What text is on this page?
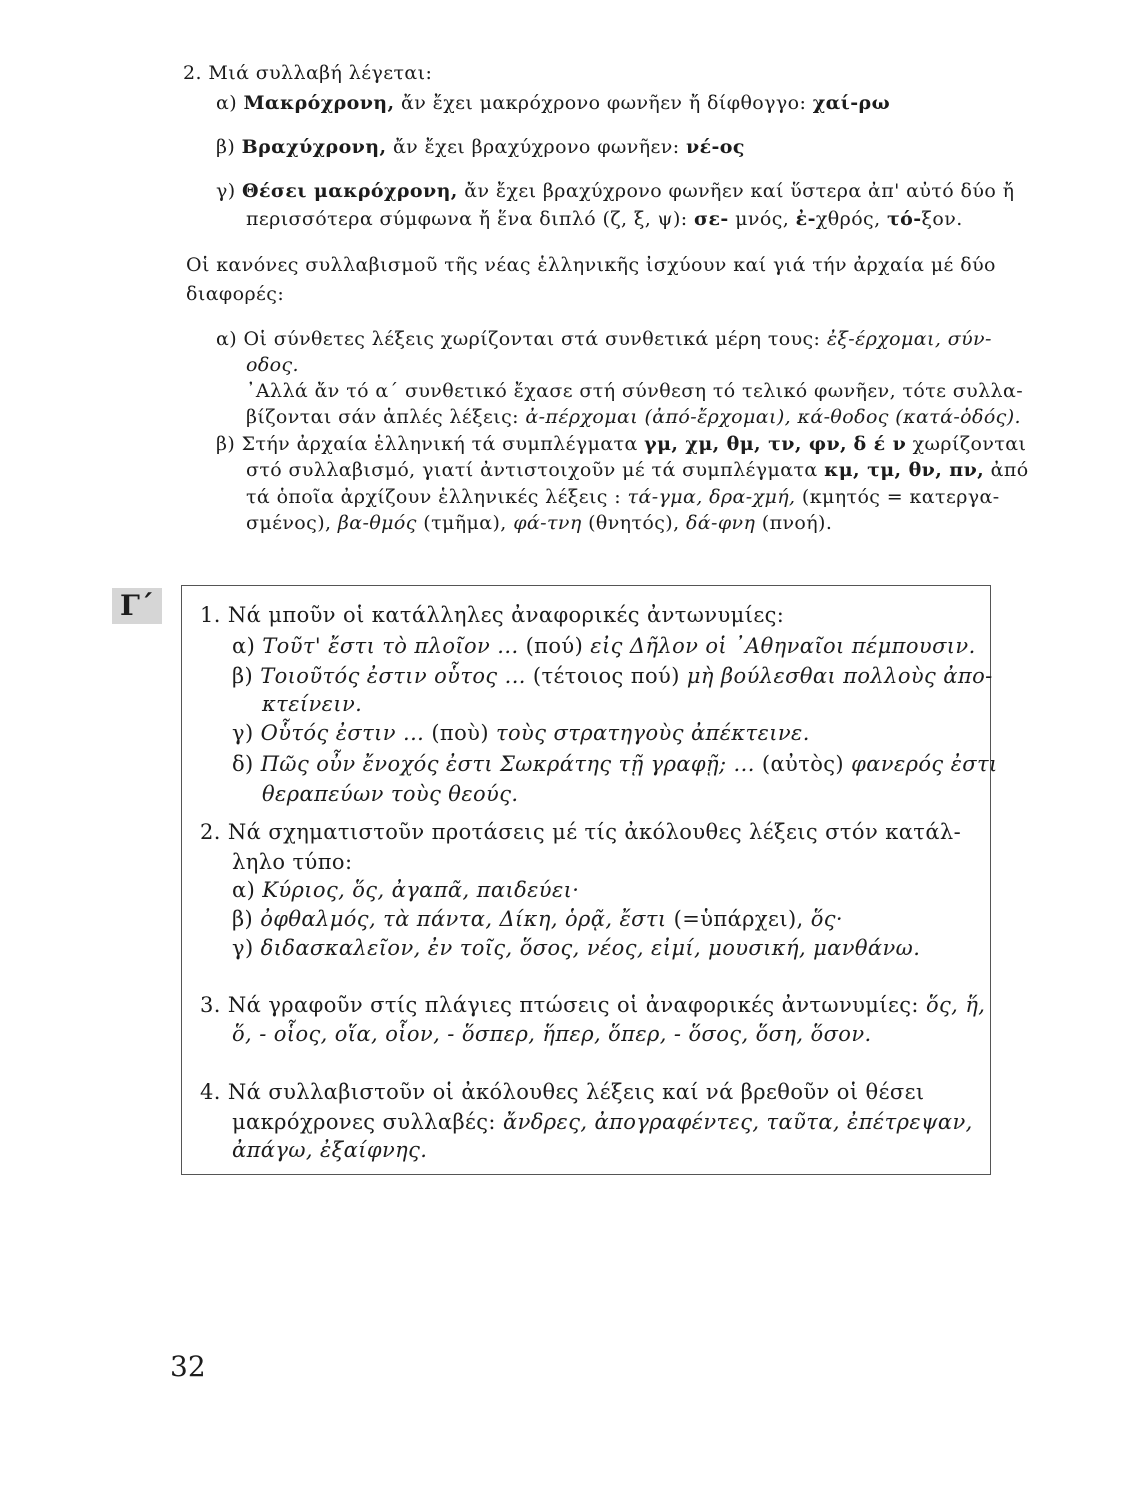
2. Μιά συλλαβή λέγεται:
α) Μακρόχρονη, ἄν ἔχει μακρόχρονο φωνῆεν ἤ δίφθογγο: χαί-ρω
β) Βραχύχρονη, ἄν ἔχει βραχύχρονο φωνῆεν: νέ-ος
γ) Θέσει μακρόχρονη, ἄν ἔχει βραχύχρονο φωνῆεν καί ὕστερα ἀπ' αὐτό δύο ἤ
περισσότερα σύμφωνα ἤ ἕνα διπλό (ζ, ξ, ψ): σε- μνός, ἐ-χθρός, τό-ξον.
Οἱ κανόνες συλλαβισμοῦ τῆς νέας ἑλληνικῆς ἰσχύουν καί γιά τήν ἀρχαία μέ δύο
διαφορές:
α) Οἱ σύνθετες λέξεις χωρίζονται στά συνθετικά μέρη τους: ἐξ-έρχομαι, σύν-
οδος.
᾿Αλλά ἄν τό α΄ συνθετικό ἔχασε στή σύνθεση τό τελικό φωνῆεν, τότε συλλα-
βίζονται σάν ἁπλές λέξεις: ἀ-πέρχομαι (ἀπό-ἔρχομαι), κά-θοδος (κατά-ὁδός).
β) Στήν ἀρχαία ἑλληνική τά συμπλέγματα γμ, χμ, θμ, τν, φν, δ έ ν χωρίζονται
στό συλλαβισμό, γιατί ἀντιστοιχοῦν μέ τά συμπλέγματα κμ, τμ, θν, πν, ἀπό
τά ὁποῖα ἀρχίζουν ἑλληνικές λέξεις : τά-γμα, δρα-χμή, (κμητός = κατεργα-
σμένος), βα-θμός (τμῆμα), φά-τνη (θνητός), δά-φνη (πνοή).
Γ΄	1. Νά μποῦν οἱ κατάλληλες ἀναφορικές ἀντωνυμίες:
α) Τοῦτ' ἔστι τὸ πλοῖον ... (πού) εἰς Δῆλον οἱ ᾿Αθηναῖοι πέμπουσιν.
β) Τοιοῦτός ἐστιν οὗτος ... (τέτοιος πού) μὴ βούλεσθαι πολλοὺς ἀπο-
κτείνειν.
γ) Οὗτός ἐστιν ... (ποὺ) τοὺς στρατηγοὺς ἀπέκτεινε.
δ) Πῶς οὖν ἔνοχός ἐστι Σωκράτης τῇ γραφῇ; ... (αὐτὸς) φανερός ἐστι
θεραπεύων τοὺς θεούς.
2. Νά σχηματιστοῦν προτάσεις μέ τίς ἀκόλουθες λέξεις στόν κατάλ-
ληλο τύπο:
α) Κύριος, ὅς, ἀγαπᾶ, παιδεύει·
β) ὀφθαλμός, τὰ πάντα, Δίκη, ὁρᾷ, ἔστι (=ὑπάρχει), ὅς·
γ) διδασκαλεῖον, ἐν τοῖς, ὅσος, νέος, εἰμί, μουσική, μανθάνω.
3. Νά γραφοῦν στίς πλάγιες πτώσεις οἱ ἀναφορικές ἀντωνυμίες: ὅς, ἥ,
ὅ, - οἷος, οἵα, οἷον, - ὅσπερ, ἥπερ, ὅπερ, - ὅσος, ὅση, ὅσον.
4. Νά συλλαβιστοῦν οἱ ἀκόλουθες λέξεις καί νά βρεθοῦν οἱ θέσει
μακρόχρονες συλλαβές: ἄνδρες, ἀπογραφέντες, ταῦτα, ἐπέτρεψαν,
ἀπάγω, ἐξαίφνης.
32
